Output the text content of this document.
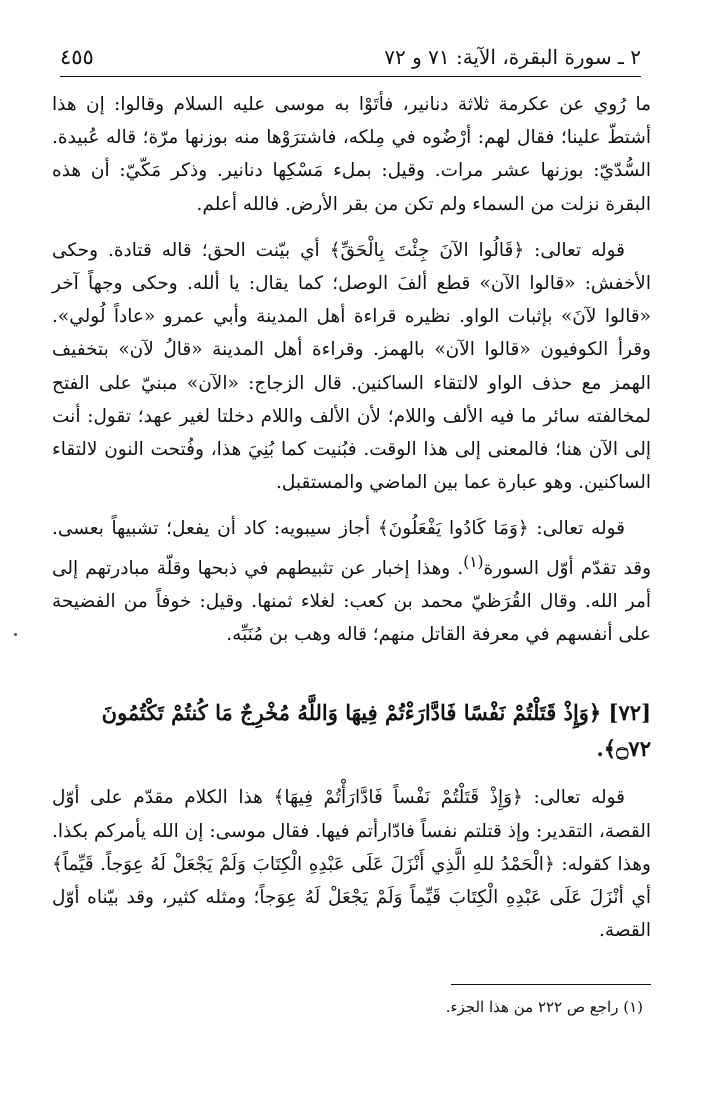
٤٥٥	٢ ـ سورة البقرة، الآية: ٧١ و ٧٢

ما رُوي عن عكرمة ثلاثة دنانير، فأتَوْا به موسى عليه السلام وقالوا: إن هذا أشتطّ علينا؛ فقال لهم: أرْضُوه في مِلكه، فاشترَوْها منه بوزنها مرّة؛ قاله عُبيدة. السُّدّيّ: بوزنها عشر مرات. وقيل: بملء مَسْكِها دنانير. وذكر مَكّيّ: أن هذه البقرة نزلت من السماء ولم تكن من بقر الأرض. فالله أعلم.

قوله تعالى: ﴿قَالُوا الآنَ جِئْتَ بِالْحَقِّ﴾ أي بيّنت الحق؛ قاله قتادة. وحكى الأخفش: «قالوا الآن» قطع ألفَ الوصل؛ كما يقال: يا ألله. وحكى وجهاً آخر «قالوا لآنَ» بإثبات الواو. نظيره قراءة أهل المدينة وأبي عمرو «عاداً لُولي». وقرأ الكوفيون «قالوا الآن» بالهمز. وقراءة أهل المدينة «قالُ لآن» بتخفيف الهمز مع حذف الواو لالتقاء الساكنين. قال الزجاج: «الآن» مبنيّ على الفتح لمخالفته سائر ما فيه الألف واللام؛ لأن الألف واللام دخلتا لغير عهد؛ تقول: أنت إلى الآن هنا؛ فالمعنى إلى هذا الوقت. فبُنيت كما بُنِيَ هذا، وفُتحت النون لالتقاء الساكنين. وهو عبارة عما بين الماضي والمستقبل.

قوله تعالى: ﴿وَمَا كَادُوا يَفْعَلُونَ﴾ أجاز سيبويه: كاد أن يفعل؛ تشبيهاً بعسى. وقد تقدّم أوّل السورة$^{(١)}$. وهذا إخبار عن تثبيطهم في ذبحها وقلّة مبادرتهم إلى أمر الله. وقال القُرَظيّ محمد بن كعب: لغلاء ثمنها. وقيل: خوفاً من الفضيحة على أنفسهم في معرفة القاتل منهم؛ قاله وهب بن مُنَبِّه.

[٧٢] ﴿وَإِذْ قَتَلْتُمْ نَفْسًا فَادَّارَءْتُمْ فِيهَا وَاللَّهُ مُخْرِجٌ مَا كُنتُمْ تَكْتُمُونَ ۝٧٢﴾.

قوله تعالى: ﴿وَإِذْ قَتَلْتُمْ نَفْساً فَادَّارَأْتُمْ فِيهَا﴾ هذا الكلام مقدّم على أوّل القصة، التقدير: وإذ قتلتم نفساً فادّارأتم فيها. فقال موسى: إن الله يأمركم بكذا. وهذا كقوله: ﴿الْحَمْدُ للهِ الَّذِي أَنْزَلَ عَلَى عَبْدِهِ الْكِتَابَ وَلَمْ يَجْعَلْ لَهُ عِوَجاً. قَيِّماً﴾ أي أنْزَلَ عَلَى عَبْدِهِ الْكِتَابَ قَيِّماً وَلَمْ يَجْعَلْ لَهُ عِوَجاً؛ ومثله كثير، وقد بيّناه أوّل القصة.

(١) راجع ص ٢٢٢ من هذا الجزء.
